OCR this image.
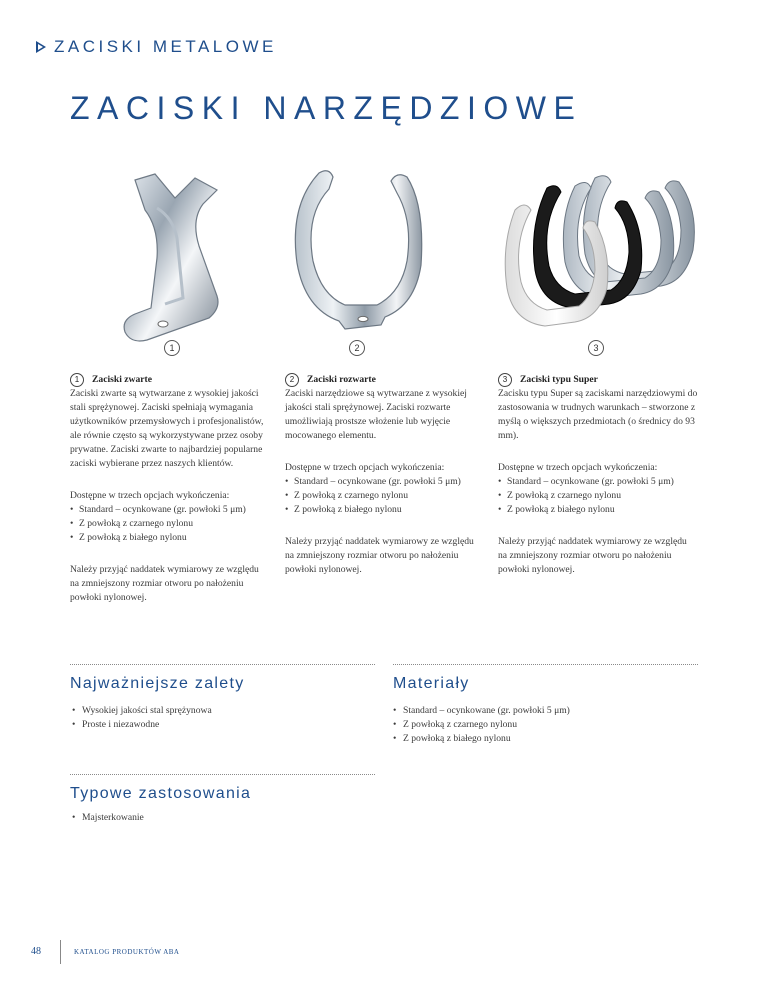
ZACISKI METALOWE
ZACISKI NARZĘDZIOWE
1	2	3
1	Zaciski zwarte

Zaciski zwarte są wytwarzane z wysokiej jakości stali sprężynowej. Zaciski spełniają wymagania użytkowników przemysłowych i profesjonalistów, ale równie często są wykorzystywane przez osoby prywatne. Zaciski zwarte to najbardziej popularne zaciski wybierane przez naszych klientów.

Dostępne w trzech opcjach wykończenia:
• Standard – ocynkowane (gr. powłoki 5 μm)
• Z powłoką z czarnego nylonu
• Z powłoką z białego nylonu

Należy przyjąć naddatek wymiarowy ze względu na zmniejszony rozmiar otworu po nałożeniu powłoki nylonowej.

2	Zaciski rozwarte

Zaciski narzędziowe są wytwarzane z wysokiej jakości stali sprężynowej. Zaciski rozwarte umożliwiają prostsze włożenie lub wyjęcie mocowanego elementu.

Dostępne w trzech opcjach wykończenia:
• Standard – ocynkowane (gr. powłoki 5 μm)
• Z powłoką z czarnego nylonu
• Z powłoką z białego nylonu

Należy przyjąć naddatek wymiarowy ze względu na zmniejszony rozmiar otworu po nałożeniu powłoki nylonowej.

3	Zaciski typu Super

Zacisku typu Super są zaciskami narzędziowymi do zastosowania w trudnych warunkach – stworzone z myślą o większych przedmiotach (o średnicy do 93 mm).

Dostępne w trzech opcjach wykończenia:
• Standard – ocynkowane (gr. powłoki 5 μm)
• Z powłoką z czarnego nylonu
• Z powłoką z białego nylonu

Należy przyjąć naddatek wymiarowy ze względu na zmniejszony rozmiar otworu po nałożeniu powłoki nylonowej.

Najważniejsze zalety
• Wysokiej jakości stal sprężynowa
• Proste i niezawodne
Materiały
• Standard – ocynkowane (gr. powłoki 5 μm)
• Z powłoką z czarnego nylonu
• Z powłoką z białego nylonu
Typowe zastosowania
• Majsterkowanie
48	KATALOG PRODUKTÓW ABA
